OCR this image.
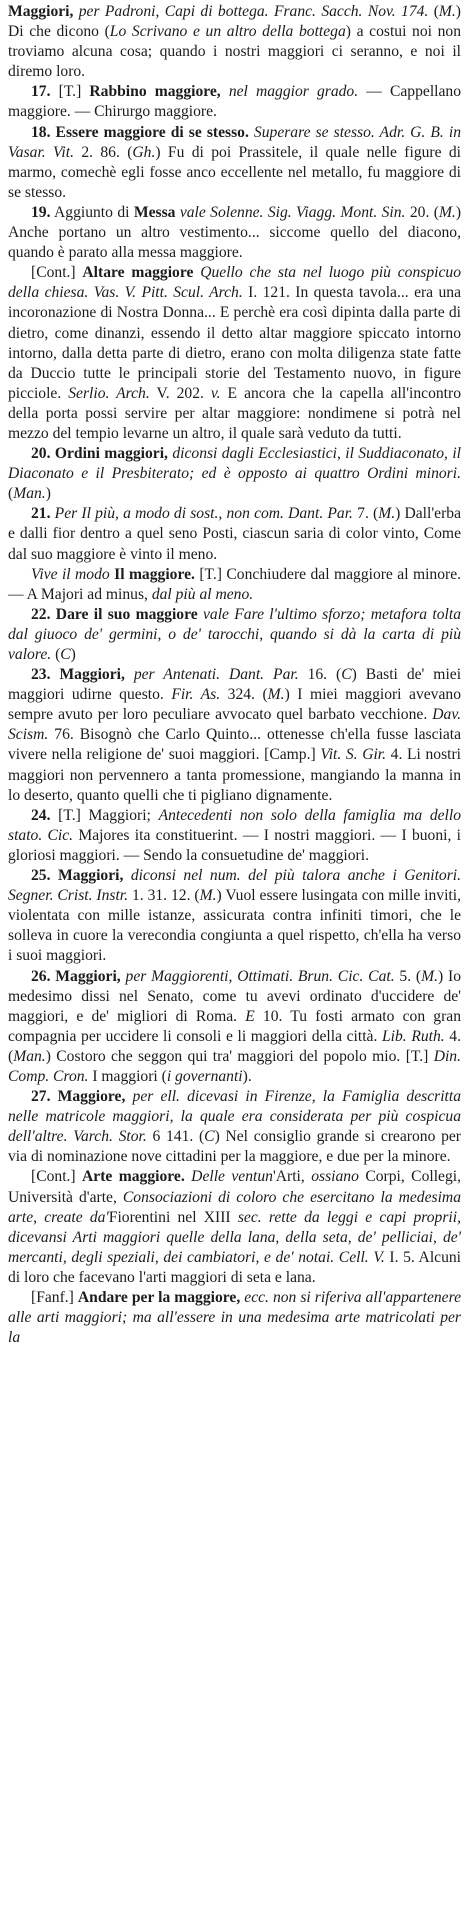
Maggiori, per Padroni, Capi di bottega. Franc. Sacch. Nov. 174. (M.) Di che dicono (Lo Scrivano e un altro della bottega) a costui noi non troviamo alcuna cosa; quando i nostri maggiori ci seranno, e noi il diremo loro.

17. [T.] Rabbino maggiore, nel maggior grado. — Cappellano maggiore. — Chirurgo maggiore.

18. Essere maggiore di se stesso. Superare se stesso. Adr. G. B. in Vasar. Vit. 2. 86. (Gh.) Fu di poi Prassitele, il quale nelle figure di marmo, comechè egli fosse anco eccellente nel metallo, fu maggiore di se stesso.

19. Aggiunto di Messa vale Solenne. Sig. Viagg. Mont. Sin. 20. (M.) Anche portano un altro vestimento... siccome quello del diacono, quando è parato alla messa maggiore.

[Cont.] Altare maggiore Quello che sta nel luogo più conspicuo della chiesa. Vas. V. Pitt. Scul. Arch. I. 121. In questa tavola... era una incoronazione di Nostra Donna... E perchè era così dipinta dalla parte di dietro, come dinanzi, essendo il detto altar maggiore spiccato intorno intorno, dalla detta parte di dietro, erano con molta diligenza state fatte da Duccio tutte le principali storie del Testamento nuovo, in figure picciole. Serlio. Arch. V. 202. v. E ancora che la capella all'incontro della porta possi servire per altar maggiore: nondimene si potrà nel mezzo del tempio levarne un altro, il quale sarà veduto da tutti.

20. Ordini maggiori, diconsi dagli Ecclesiastici, il Suddiaconato, il Diaconato e il Presbiterato; ed è opposto ai quattro Ordini minori. (Man.)

21. Per Il più, a modo di sost., non com. Dant. Par. 7. (M.) Dall'erba e dalli fior dentro a quel seno Posti, ciascun saria di color vinto, Come dal suo maggiore è vinto il meno.

Vive il modo Il maggiore. [T.] Conchiudere dal maggiore al minore. — A Majori ad minus, dal più al meno.

22. Dare il suo maggiore vale Fare l'ultimo sforzo; metafora tolta dal giuoco de' germini, o de' tarocchi, quando si dà la carta di più valore. (C)

23. Maggiori, per Antenati. Dant. Par. 16. (C) Basti de' miei maggiori udirne questo. Fir. As. 324. (M.) I miei maggiori avevano sempre avuto per loro peculiare avvocato quel barbato vecchione. Dav. Scism. 76. Bisognò che Carlo Quinto... ottenesse ch'ella fusse lasciata vivere nella religione de' suoi maggiori. [Camp.] Vit. S. Gir. 4. Li nostri maggiori non pervennero a tanta promessione, mangiando la manna in lo deserto, quanto quelli che ti pigliano dignamente.

24. [T.] Maggiori; Antecedenti non solo della famiglia ma dello stato. Cic. Majores ita constituerint. — I nostri maggiori. — I buoni, i gloriosi maggiori. — Sendo la consuetudine de' maggiori.

25. Maggiori, diconsi nel num. del più talora anche i Genitori. Segner. Crist. Instr. 1. 31. 12. (M.) Vuol essere lusingata con mille inviti, violentata con mille istanze, assicurata contra infiniti timori, che le solleva in cuore la verecondia congiunta a quel rispetto, ch'ella ha verso i suoi maggiori.

26. Maggiori, per Maggiorenti, Ottimati. Brun. Cic. Cat. 5. (M.) Io medesimo dissi nel Senato, come tu avevi ordinato d'uccidere de' maggiori, e de' migliori di Roma. E 10. Tu fosti armato con gran compagnia per uccidere li consoli e li maggiori della città. Lib. Ruth. 4. (Man.) Costoro che seggon qui tra' maggiori del popolo mio. [T.] Din. Comp. Cron. I maggiori (i governanti).

27. Maggiore, per ell. dicevasi in Firenze, la Famiglia descritta nelle matricole maggiori, la quale era considerata per più cospicua dell'altre. Varch. Stor. 6 141. (C) Nel consiglio grande si crearono per via di nominazione nove cittadini per la maggiore, e due per la minore.

[Cont.] Arte maggiore. Delle ventun'Arti, ossiano Corpi, Collegi, Università d'arte, Consociazioni di coloro che esercitano la medesima arte, create da'Fiorentini nel XIII sec. rette da leggi e capi proprii, dicevansi Arti maggiori quelle della lana, della seta, de' pelliciai, de' mercanti, degli speziali, dei cambiatori, e de' notai. Cell. V. I. 5. Alcuni di loro che facevano l'arti maggiori di seta e lana.

[Fanf.] Andare per la maggiore, ecc. non si riferiva all'appartenere alle arti maggiori; ma all'essere in una medesima arte matricolati per la
